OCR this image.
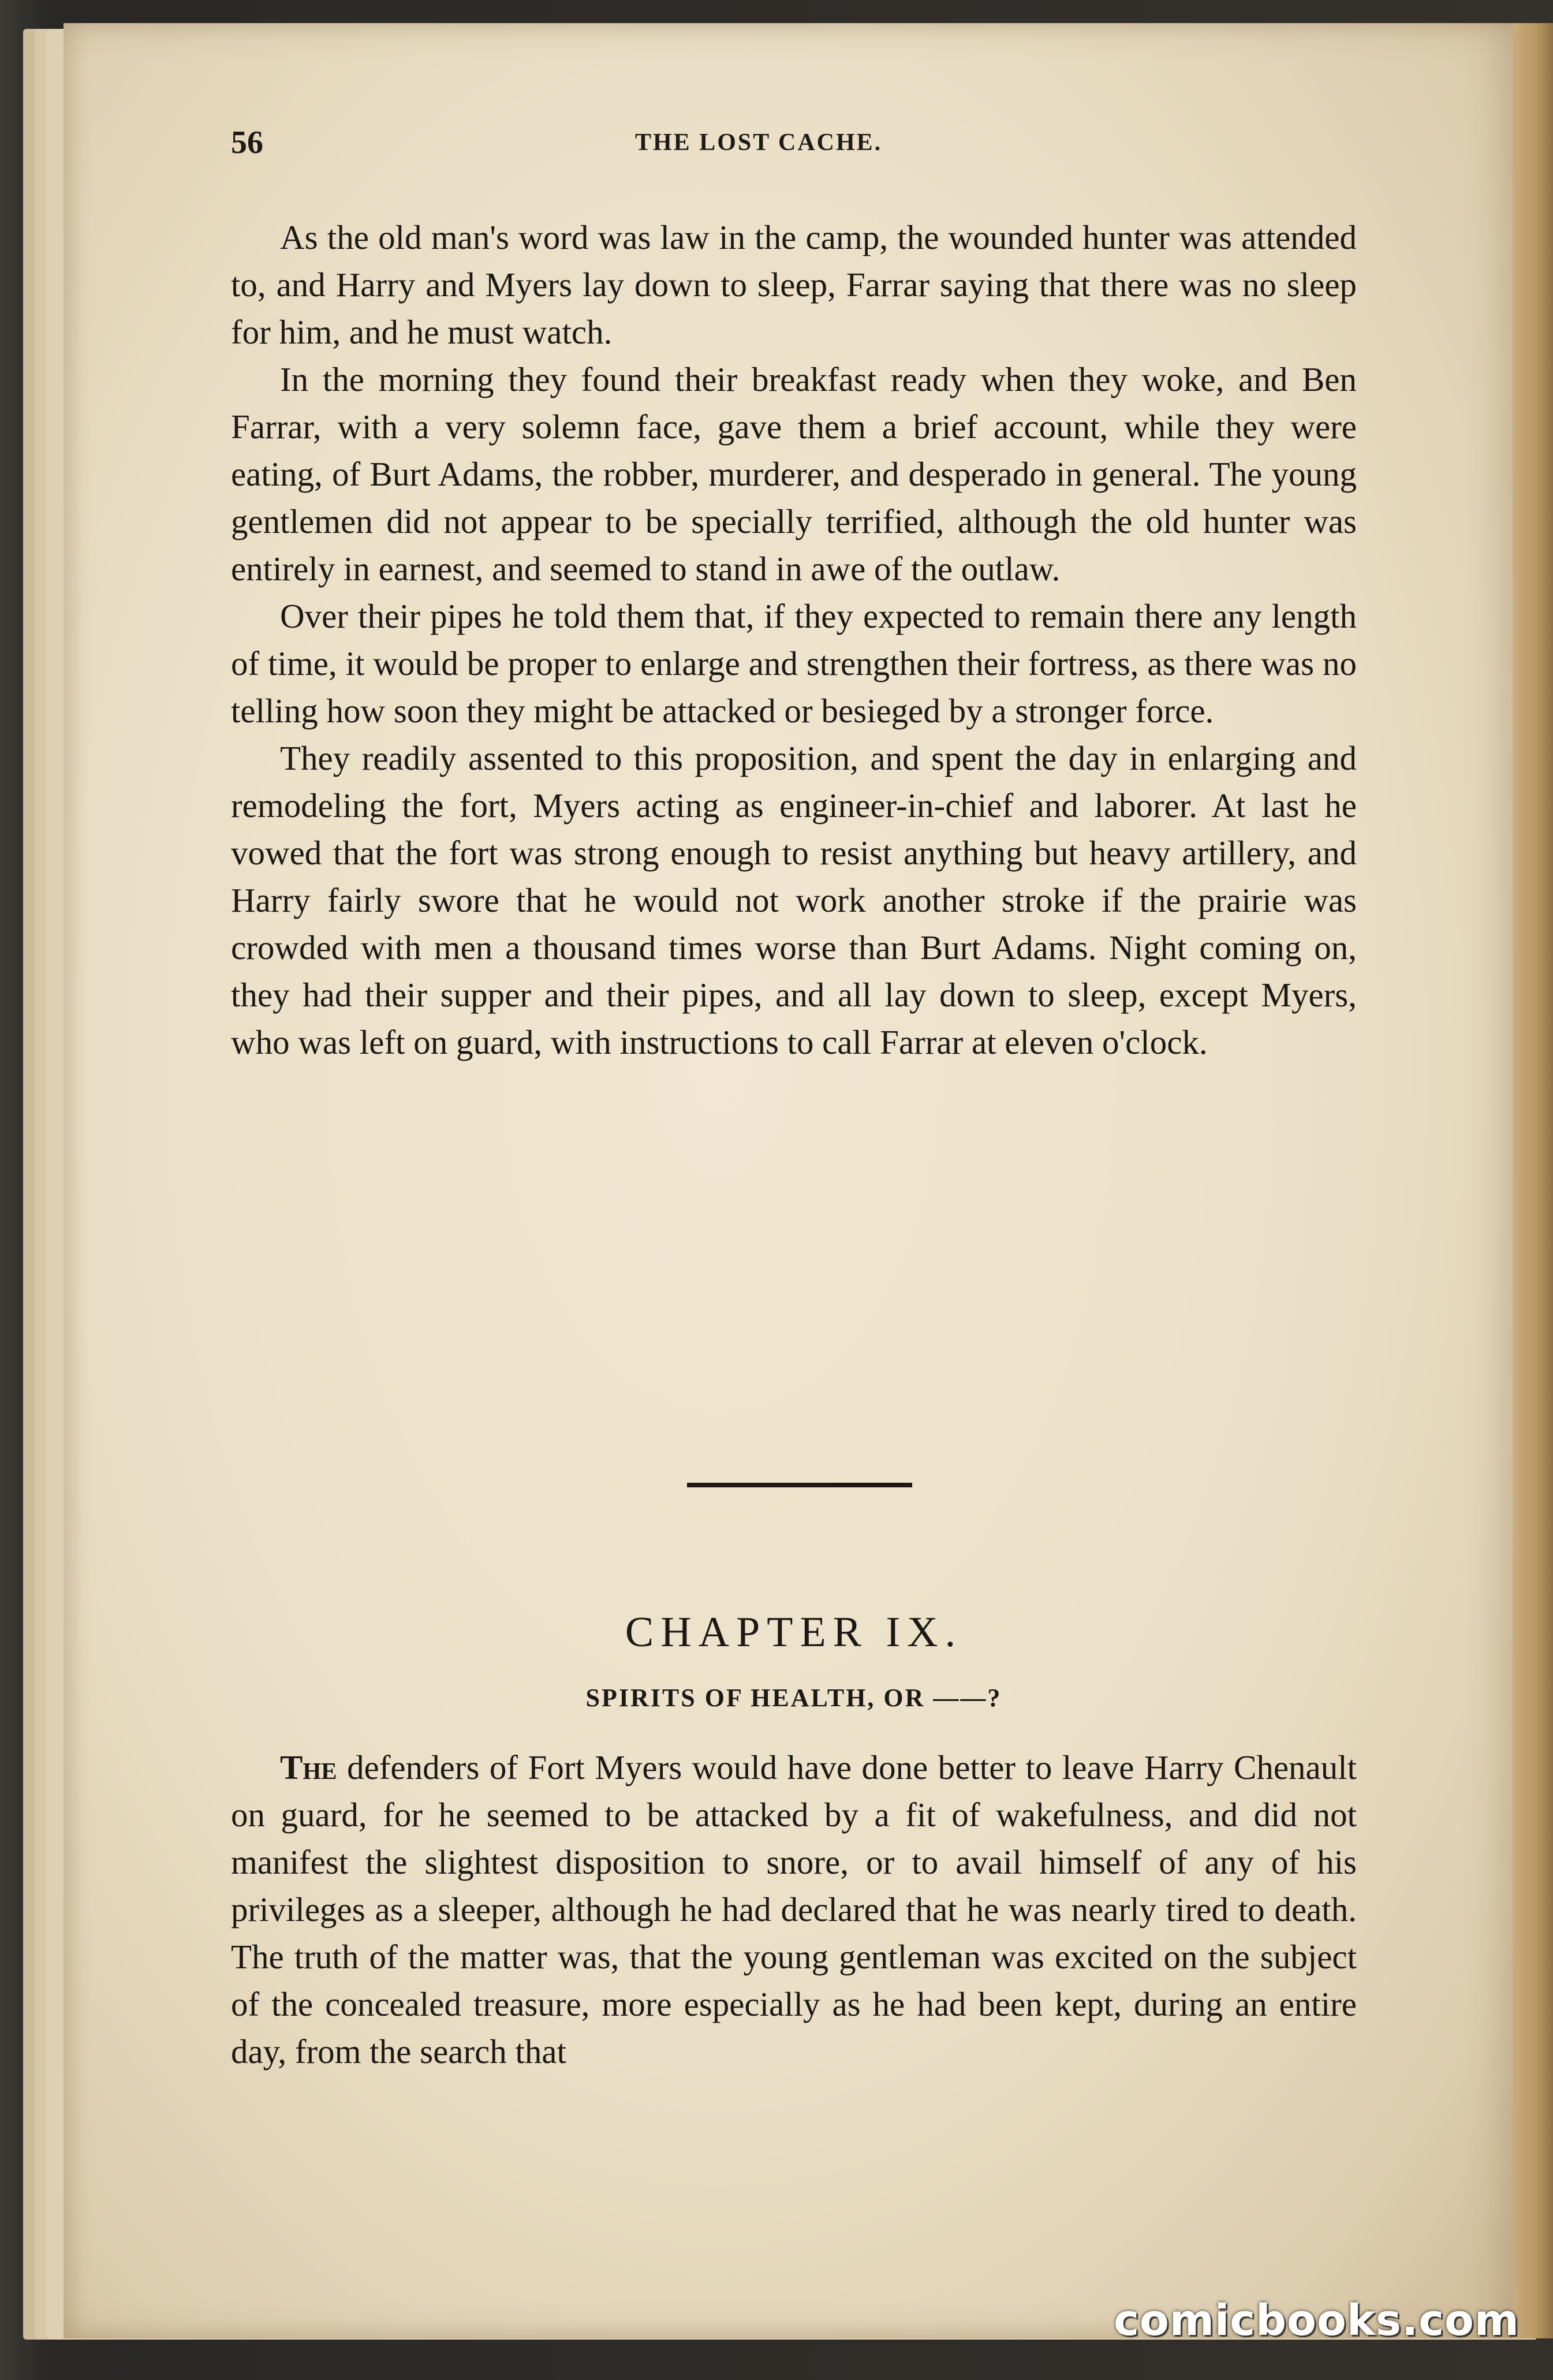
56	THE LOST CACHE.

As the old man's word was law in the camp, the wounded hunter was attended to, and Harry and Myers lay down to sleep, Farrar saying that there was no sleep for him, and he must watch.

In the morning they found their breakfast ready when they woke, and Ben Farrar, with a very solemn face, gave them a brief account, while they were eating, of Burt Adams, the robber, murderer, and desperado in general. The young gentlemen did not appear to be specially terrified, although the old hunter was entirely in earnest, and seemed to stand in awe of the outlaw.

Over their pipes he told them that, if they expected to remain there any length of time, it would be proper to enlarge and strengthen their fortress, as there was no telling how soon they might be attacked or besieged by a stronger force.

They readily assented to this proposition, and spent the day in enlarging and remodeling the fort, Myers acting as engineer-in-chief and laborer. At last he vowed that the fort was strong enough to resist anything but heavy artillery, and Harry fairly swore that he would not work another stroke if the prairie was crowded with men a thousand times worse than Burt Adams. Night coming on, they had their supper and their pipes, and all lay down to sleep, except Myers, who was left on guard, with instructions to call Farrar at eleven o'clock.

CHAPTER IX.
SPIRITS OF HEALTH, OR ——?

The defenders of Fort Myers would have done better to leave Harry Chenault on guard, for he seemed to be attacked by a fit of wakefulness, and did not manifest the slightest disposition to snore, or to avail himself of any of his privileges as a sleeper, although he had declared that he was nearly tired to death. The truth of the matter was, that the young gentleman was excited on the subject of the concealed treasure, more especially as he had been kept, during an entire day, from the search that

comicbooks.com
